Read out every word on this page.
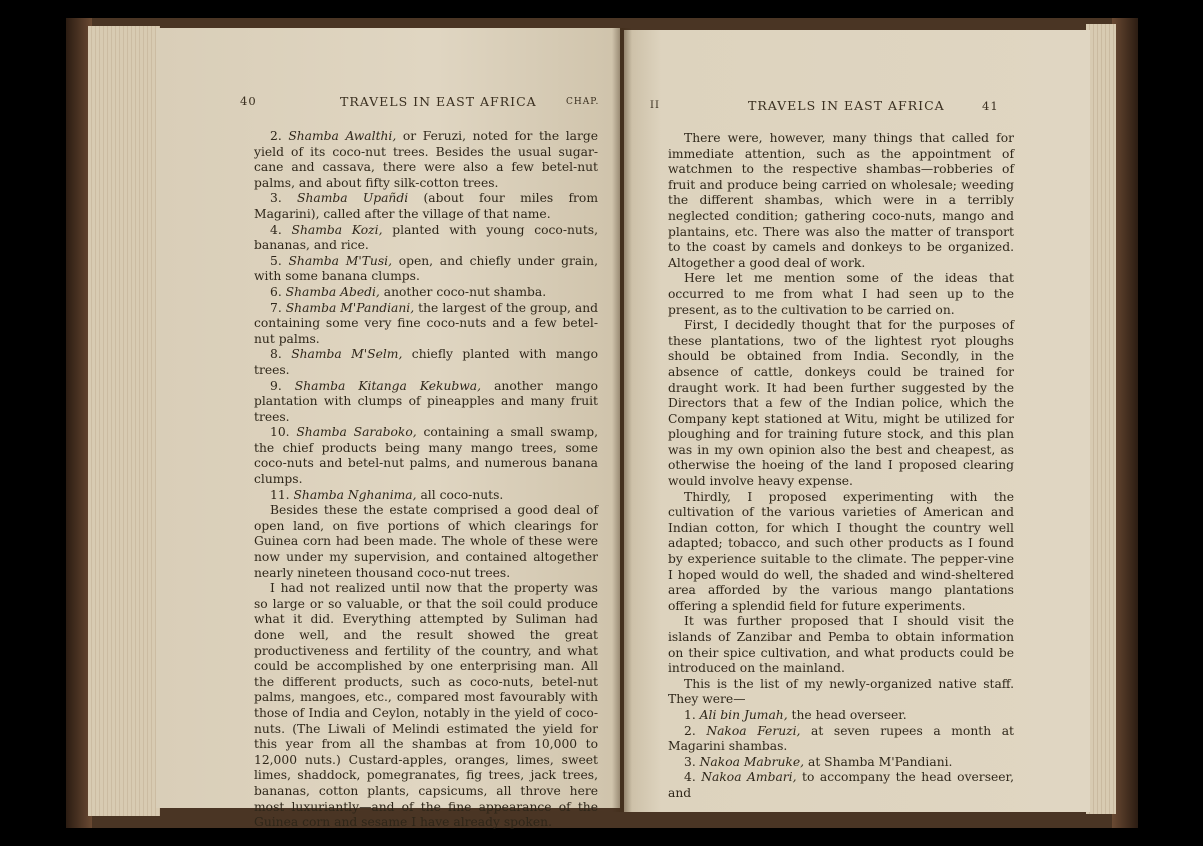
40	TRAVELS IN EAST AFRICA	CHAP.

2. Shamba Awalthi, or Feruzi, noted for the large yield of its coco-nut trees. Besides the usual sugar-cane and cassava, there were also a few betel-nut palms, and about fifty silk-cotton trees.

3. Shamba Upañdi (about four miles from Magarini), called after the village of that name.

4. Shamba Kozi, planted with young coco-nuts, bananas, and rice.

5. Shamba M'Tusi, open, and chiefly under grain, with some banana clumps.

6. Shamba Abedi, another coco-nut shamba.

7. Shamba M'Pandiani, the largest of the group, and containing some very fine coco-nuts and a few betel-nut palms.

8. Shamba M'Selm, chiefly planted with mango trees.

9. Shamba Kitanga Kekubwa, another mango plantation with clumps of pineapples and many fruit trees.

10. Shamba Saraboko, containing a small swamp, the chief products being many mango trees, some coco-nuts and betel-nut palms, and numerous banana clumps.

11. Shamba Nghanima, all coco-nuts.

Besides these the estate comprised a good deal of open land, on five portions of which clearings for Guinea corn had been made. The whole of these were now under my supervision, and contained altogether nearly nineteen thousand coco-nut trees.

I had not realized until now that the property was so large or so valuable, or that the soil could produce what it did. Everything attempted by Suliman had done well, and the result showed the great productiveness and fertility of the country, and what could be accomplished by one enterprising man. All the different products, such as coco-nuts, betel-nut palms, mangoes, etc., compared most favourably with those of India and Ceylon, notably in the yield of coco-nuts. (The Liwali of Melindi estimated the yield for this year from all the shambas at from 10,000 to 12,000 nuts.) Custard-apples, oranges, limes, sweet limes, shaddock, pomegranates, fig trees, jack trees, bananas, cotton plants, capsicums, all throve here most luxuriantly—and of the fine appearance of the Guinea corn and sesame I have already spoken.

II	TRAVELS IN EAST AFRICA	41

There were, however, many things that called for immediate attention, such as the appointment of watchmen to the respective shambas—robberies of fruit and produce being carried on wholesale; weeding the different shambas, which were in a terribly neglected condition; gathering coco-nuts, mango and plantains, etc. There was also the matter of transport to the coast by camels and donkeys to be organized. Altogether a good deal of work.

Here let me mention some of the ideas that occurred to me from what I had seen up to the present, as to the cultivation to be carried on.

First, I decidedly thought that for the purposes of these plantations, two of the lightest ryot ploughs should be obtained from India. Secondly, in the absence of cattle, donkeys could be trained for draught work. It had been further suggested by the Directors that a few of the Indian police, which the Company kept stationed at Witu, might be utilized for ploughing and for training future stock, and this plan was in my own opinion also the best and cheapest, as otherwise the hoeing of the land I proposed clearing would involve heavy expense.

Thirdly, I proposed experimenting with the cultivation of the various varieties of American and Indian cotton, for which I thought the country well adapted; tobacco, and such other products as I found by experience suitable to the climate. The pepper-vine I hoped would do well, the shaded and wind-sheltered area afforded by the various mango plantations offering a splendid field for future experiments.

It was further proposed that I should visit the islands of Zanzibar and Pemba to obtain information on their spice cultivation, and what products could be introduced on the mainland.

This is the list of my newly-organized native staff. They were—

1. Ali bin Jumah, the head overseer.

2. Nakoa Feruzi, at seven rupees a month at Magarini shambas.

3. Nakoa Mabruke, at Shamba M'Pandiani.

4. Nakoa Ambari, to accompany the head overseer, and
